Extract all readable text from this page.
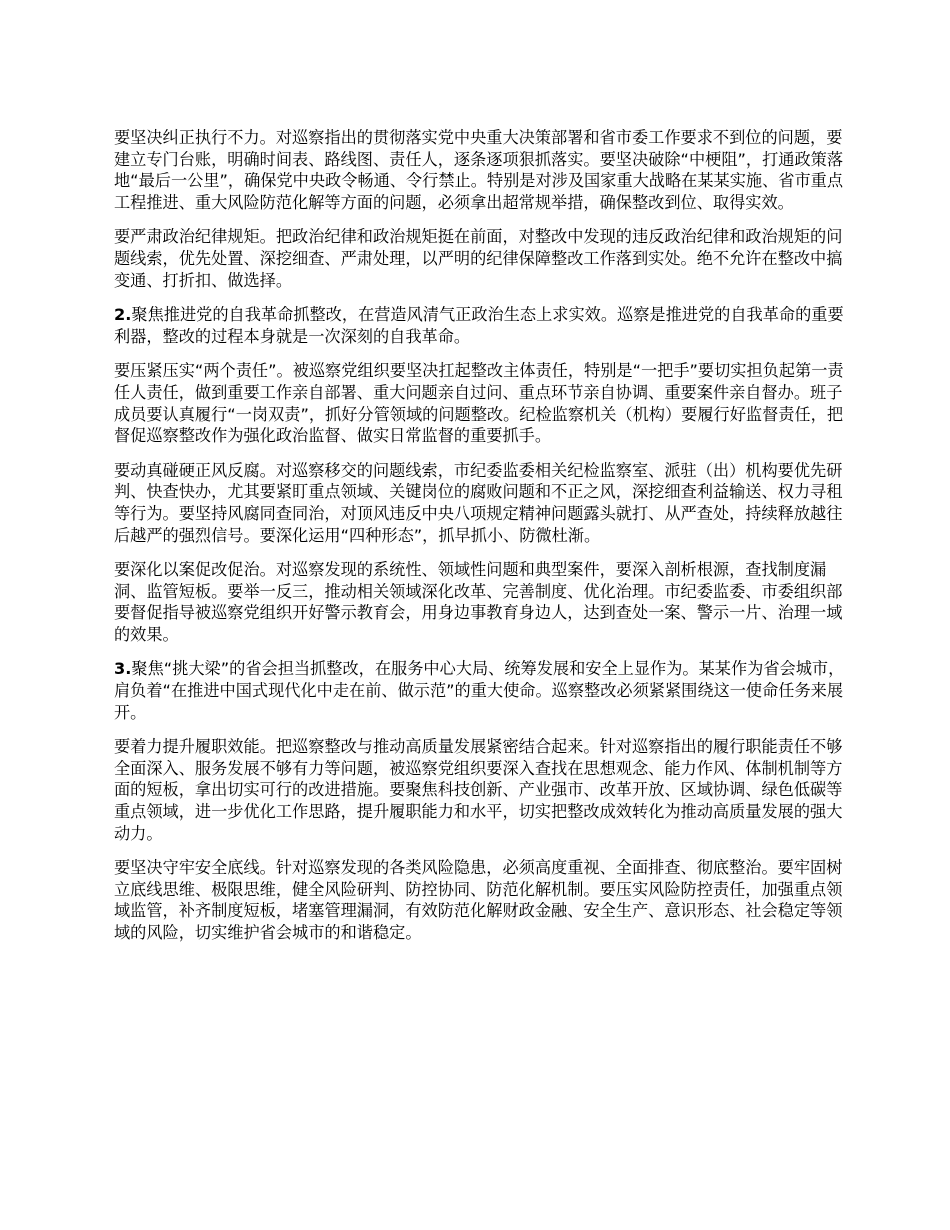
要坚决纠正执行不力。对巡察指出的贯彻落实党中央重大决策部署和省市委工作要求不到位的问题，要建立专门台账，明确时间表、路线图、责任人，逐条逐项狠抓落实。要坚决破除“中梗阻”，打通政策落地“最后一公里”，确保党中央政令畅通、令行禁止。特别是对涉及国家重大战略在某某实施、省市重点工程推进、重大风险防范化解等方面的问题，必须拿出超常规举措，确保整改到位、取得实效。

要严肃政治纪律规矩。把政治纪律和政治规矩挺在前面，对整改中发现的违反政治纪律和政治规矩的问题线索，优先处置、深挖细查、严肃处理，以严明的纪律保障整改工作落到实处。绝不允许在整改中搞变通、打折扣、做选择。

2.聚焦推进党的自我革命抓整改，在营造风清气正政治生态上求实效。巡察是推进党的自我革命的重要利器，整改的过程本身就是一次深刻的自我革命。

要压紧压实“两个责任”。被巡察党组织要坚决扛起整改主体责任，特别是“一把手”要切实担负起第一责任人责任，做到重要工作亲自部署、重大问题亲自过问、重点环节亲自协调、重要案件亲自督办。班子成员要认真履行“一岗双责”，抓好分管领域的问题整改。纪检监察机关（机构）要履行好监督责任，把督促巡察整改作为强化政治监督、做实日常监督的重要抓手。

要动真碰硬正风反腐。对巡察移交的问题线索，市纪委监委相关纪检监察室、派驻（出）机构要优先研判、快查快办，尤其要紧盯重点领域、关键岗位的腐败问题和不正之风，深挖细查利益输送、权力寻租等行为。要坚持风腐同查同治，对顶风违反中央八项规定精神问题露头就打、从严查处，持续释放越往后越严的强烈信号。要深化运用“四种形态”，抓早抓小、防微杜渐。

要深化以案促改促治。对巡察发现的系统性、领域性问题和典型案件，要深入剖析根源，查找制度漏洞、监管短板。要举一反三，推动相关领域深化改革、完善制度、优化治理。市纪委监委、市委组织部要督促指导被巡察党组织开好警示教育会，用身边事教育身边人，达到查处一案、警示一片、治理一域的效果。

3.聚焦“挑大梁”的省会担当抓整改，在服务中心大局、统筹发展和安全上显作为。某某作为省会城市，肩负着“在推进中国式现代化中走在前、做示范”的重大使命。巡察整改必须紧紧围绕这一使命任务来展开。

要着力提升履职效能。把巡察整改与推动高质量发展紧密结合起来。针对巡察指出的履行职能责任不够全面深入、服务发展不够有力等问题，被巡察党组织要深入查找在思想观念、能力作风、体制机制等方面的短板，拿出切实可行的改进措施。要聚焦科技创新、产业强市、改革开放、区域协调、绿色低碳等重点领域，进一步优化工作思路，提升履职能力和水平，切实把整改成效转化为推动高质量发展的强大动力。

要坚决守牢安全底线。针对巡察发现的各类风险隐患，必须高度重视、全面排查、彻底整治。要牢固树立底线思维、极限思维，健全风险研判、防控协同、防范化解机制。要压实风险防控责任，加强重点领域监管，补齐制度短板，堵塞管理漏洞，有效防范化解财政金融、安全生产、意识形态、社会稳定等领域的风险，切实维护省会城市的和谐稳定。
